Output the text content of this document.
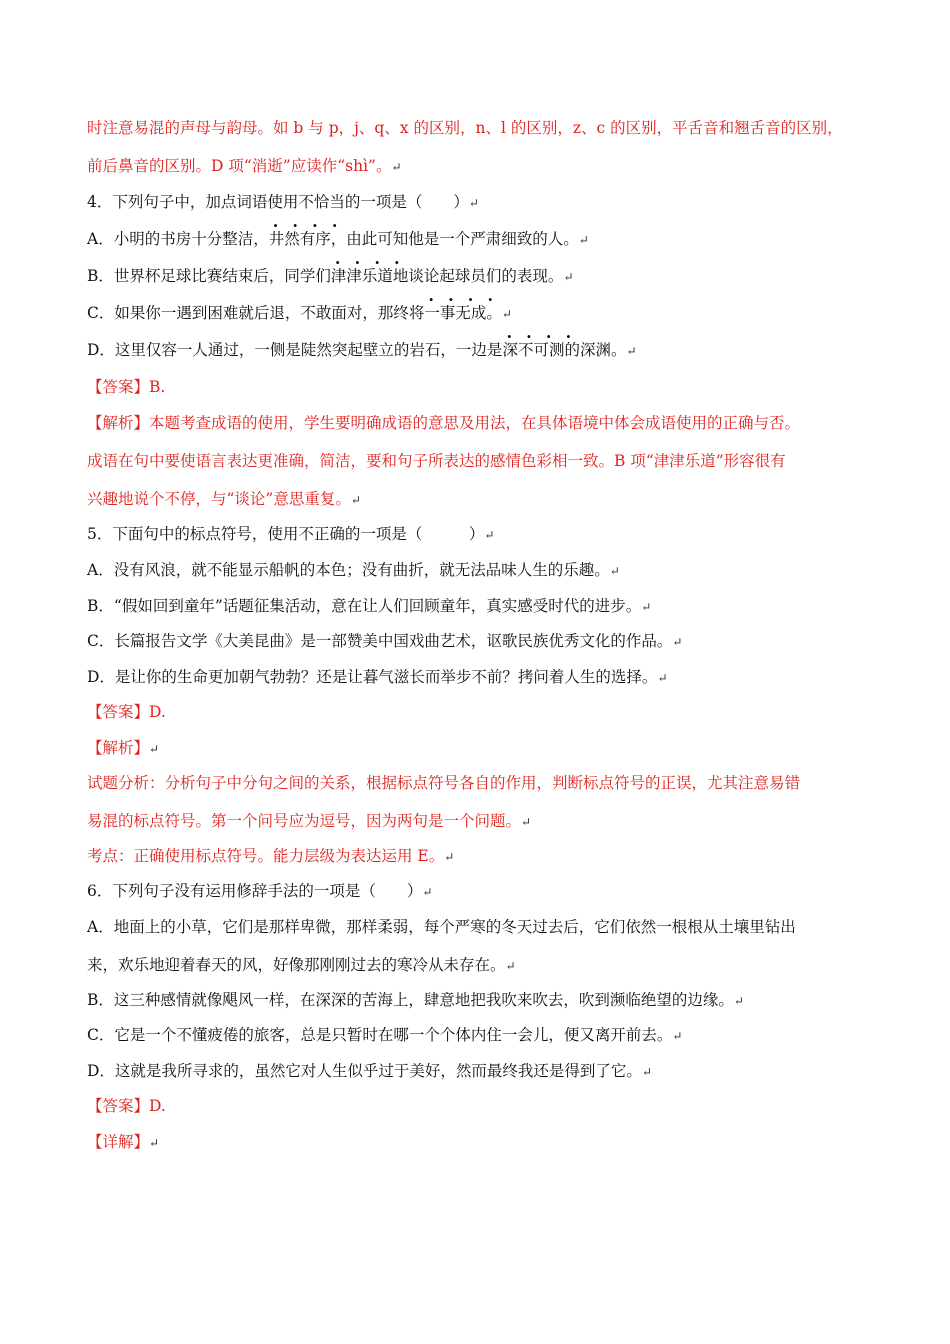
时注意易混的声母与韵母。如 b 与 p，j、q、x 的区别，n、l 的区别，z、c 的区别，平舌音和翘舌音的区别，
前后鼻音的区别。D 项“消逝”应读作“shì”。↵
4．下列句子中，加点词语使用不恰当的一项是（　　）↵
A．小明的书房十分整洁，·  · 井然有序，由此可知他是一个严肃细致的人。↵
B．世界杯足球比赛结束后，同学们·  · 津津乐道地谈论起球员们的表现。↵
C．如果你一遇到困难就后退，不敢面对，那终将·  · 一事无成。↵
D．这里仅容一人通过，一侧是陡然突起壁立的岩石，一边是·  · 深不可测的深渊。↵
【答案】B.
【解析】本题考查成语的使用，学生要明确成语的意思及用法，在具体语境中体会成语使用的正确与否。
成语在句中要使语言表达更准确，简洁，要和句子所表达的感情色彩相一致。B 项“津津乐道”形容很有
兴趣地说个不停，与“谈论”意思重复。↵
5．下面句中的标点符号，使用不正确的一项是（　　　）↵
A．没有风浪，就不能显示船帆的本色；没有曲折，就无法品味人生的乐趣。↵
B．“假如回到童年”话题征集活动，意在让人们回顾童年，真实感受时代的进步。↵
C．长篇报告文学《大美昆曲》是一部赞美中国戏曲艺术，讴歌民族优秀文化的作品。↵
D．是让你的生命更加朝气勃勃？还是让暮气滋长而举步不前？拷问着人生的选择。↵
【答案】D.
【解析】↵
试题分析：分析句子中分句之间的关系，根据标点符号各自的作用，判断标点符号的正误，尤其注意易错
易混的标点符号。第一个问号应为逗号，因为两句是一个问题。↵
考点：正确使用标点符号。能力层级为表达运用 E。↵
6．下列句子没有运用修辞手法的一项是（　　）↵
A．地面上的小草，它们是那样卑微，那样柔弱，每个严寒的冬天过去后，它们依然一根根从土壤里钻出
来，欢乐地迎着春天的风，好像那刚刚过去的寒冷从未存在。↵
B．这三种感情就像飓风一样，在深深的苦海上，肆意地把我吹来吹去，吹到濒临绝望的边缘。↵
C．它是一个不懂疲倦的旅客，总是只暂时在哪一个个体内住一会儿，便又离开前去。↵
D．这就是我所寻求的，虽然它对人生似乎过于美好，然而最终我还是得到了它。↵
【答案】D.
【详解】↵
